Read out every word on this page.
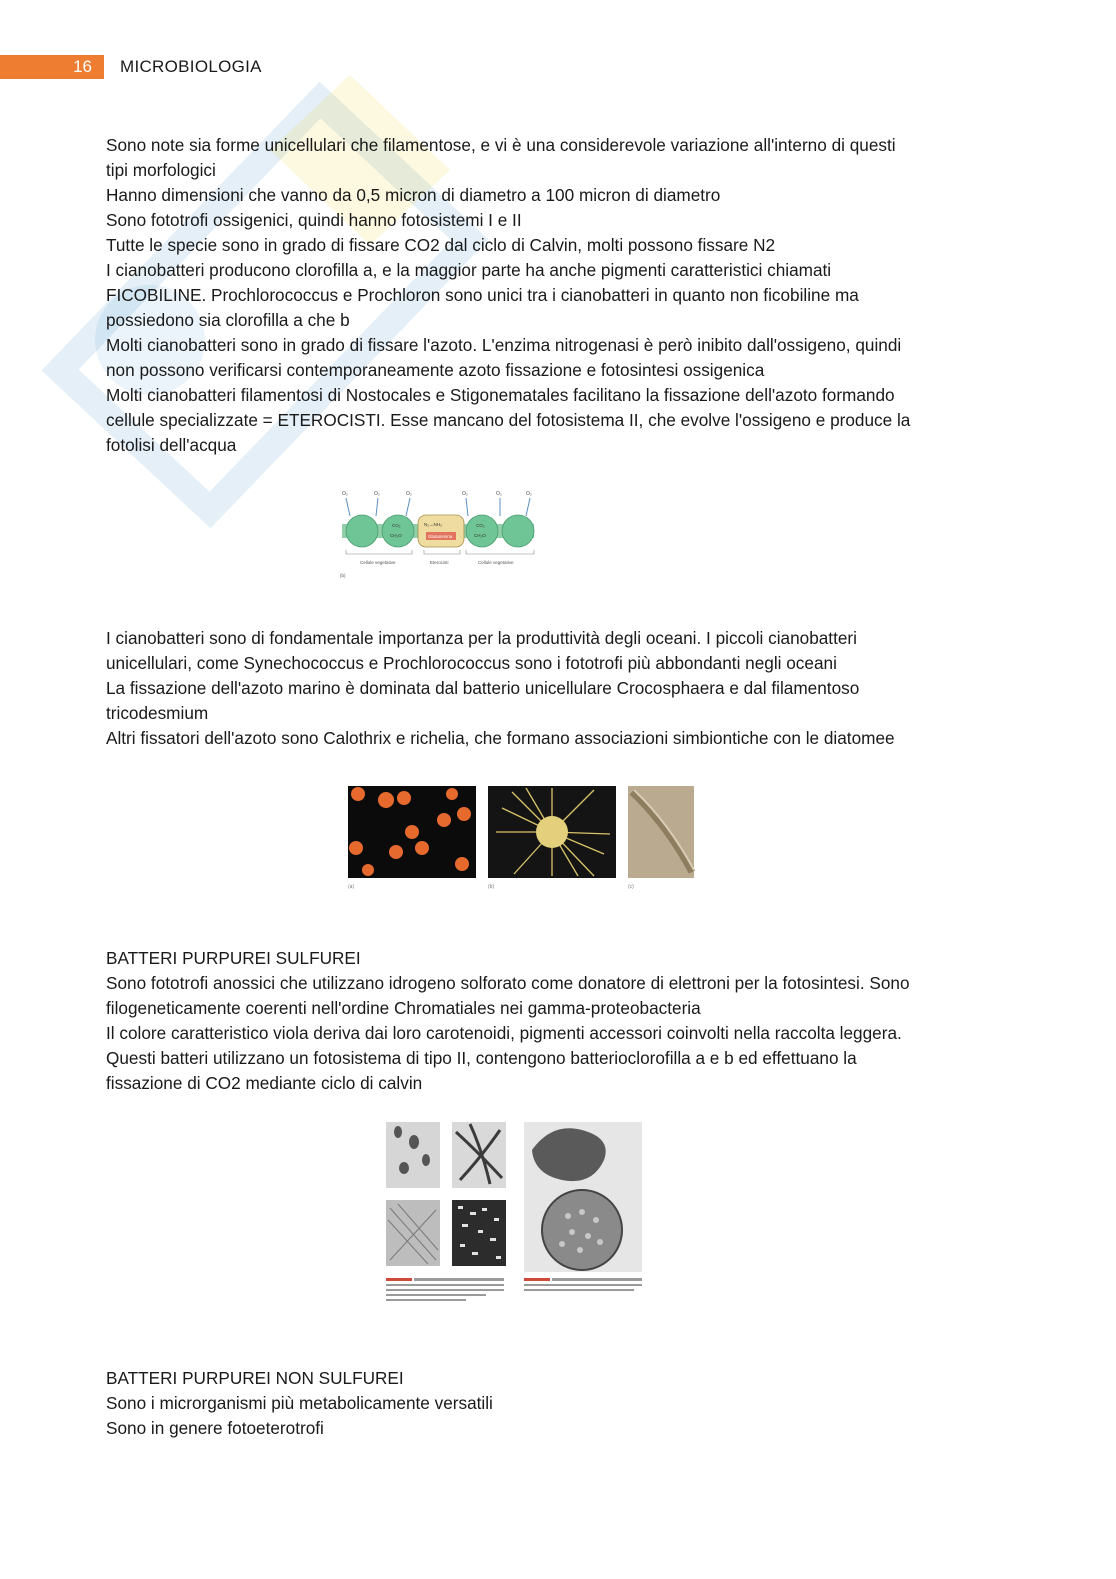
16 MICROBIOLOGIA

Sono note sia forme unicellulari che filamentose, e vi è una considerevole variazione all'interno di questi

tipi morfologici

Hanno dimensioni che vanno da 0,5 micron di diametro a 100 micron di diametro

Sono fototrofi ossigenici, quindi hanno fotosistemi I e II

Tutte le specie sono in grado di fissare CO2 dal ciclo di Calvin, molti possono fissare N2

I cianobatteri producono clorofilla a, e la maggior parte ha anche pigmenti caratteristici chiamati

FICOBILINE. Prochlorococcus e Prochloron sono unici tra i cianobatteri in quanto non ficobiline ma

possiedono sia clorofilla a che b

Molti cianobatteri sono in grado di fissare l'azoto. L'enzima nitrogenasi è però inibito dall'ossigeno, quindi

non possono verificarsi contemporaneamente azoto fissazione e fotosintesi ossigenica

Molti cianobatteri filamentosi di Nostocales e Stigonematales facilitano la fissazione dell'azoto formando

cellule specializzate = ETEROCISTI. Esse mancano del fotosistema II, che evolve l'ossigeno e produce la

fotolisi dell'acqua

O₂	O₂	O₂	O₂	O₂	O₂
CO₂
CH₂O
CO₂
CH₂O
N₂→NH₃
Glutammina
Cellule vegetative	Eterocisti	Cellule vegetative
(b)

I cianobatteri sono di fondamentale importanza per la produttività degli oceani. I piccoli cianobatteri

unicellulari, come Synechococcus e Prochlorococcus sono i fototrofi più abbondanti negli oceani

La fissazione dell'azoto marino è dominata dal batterio unicellulare Crocosphaera e dal filamentoso

tricodesmium

Altri fissatori dell'azoto sono Calothrix e richelia, che formano associazioni simbiontiche con le diatomee

(a)	(b)	(c)

BATTERI PURPUREI SULFUREI

Sono fototrofi anossici che utilizzano idrogeno solforato come donatore di elettroni per la fotosintesi. Sono

filogeneticamente coerenti nell'ordine Chromatiales nei gamma-proteobacteria

Il colore caratteristico viola deriva dai loro carotenoidi, pigmenti accessori coinvolti nella raccolta leggera.

Questi batteri utilizzano un fotosistema di tipo II, contengono batterioclorofilla a e b ed effettuano la

fissazione di CO2 mediante ciclo di calvin

BATTERI PURPUREI NON SULFUREI

Sono i microrganismi più metabolicamente versatili

Sono in genere fotoeterotrofi
